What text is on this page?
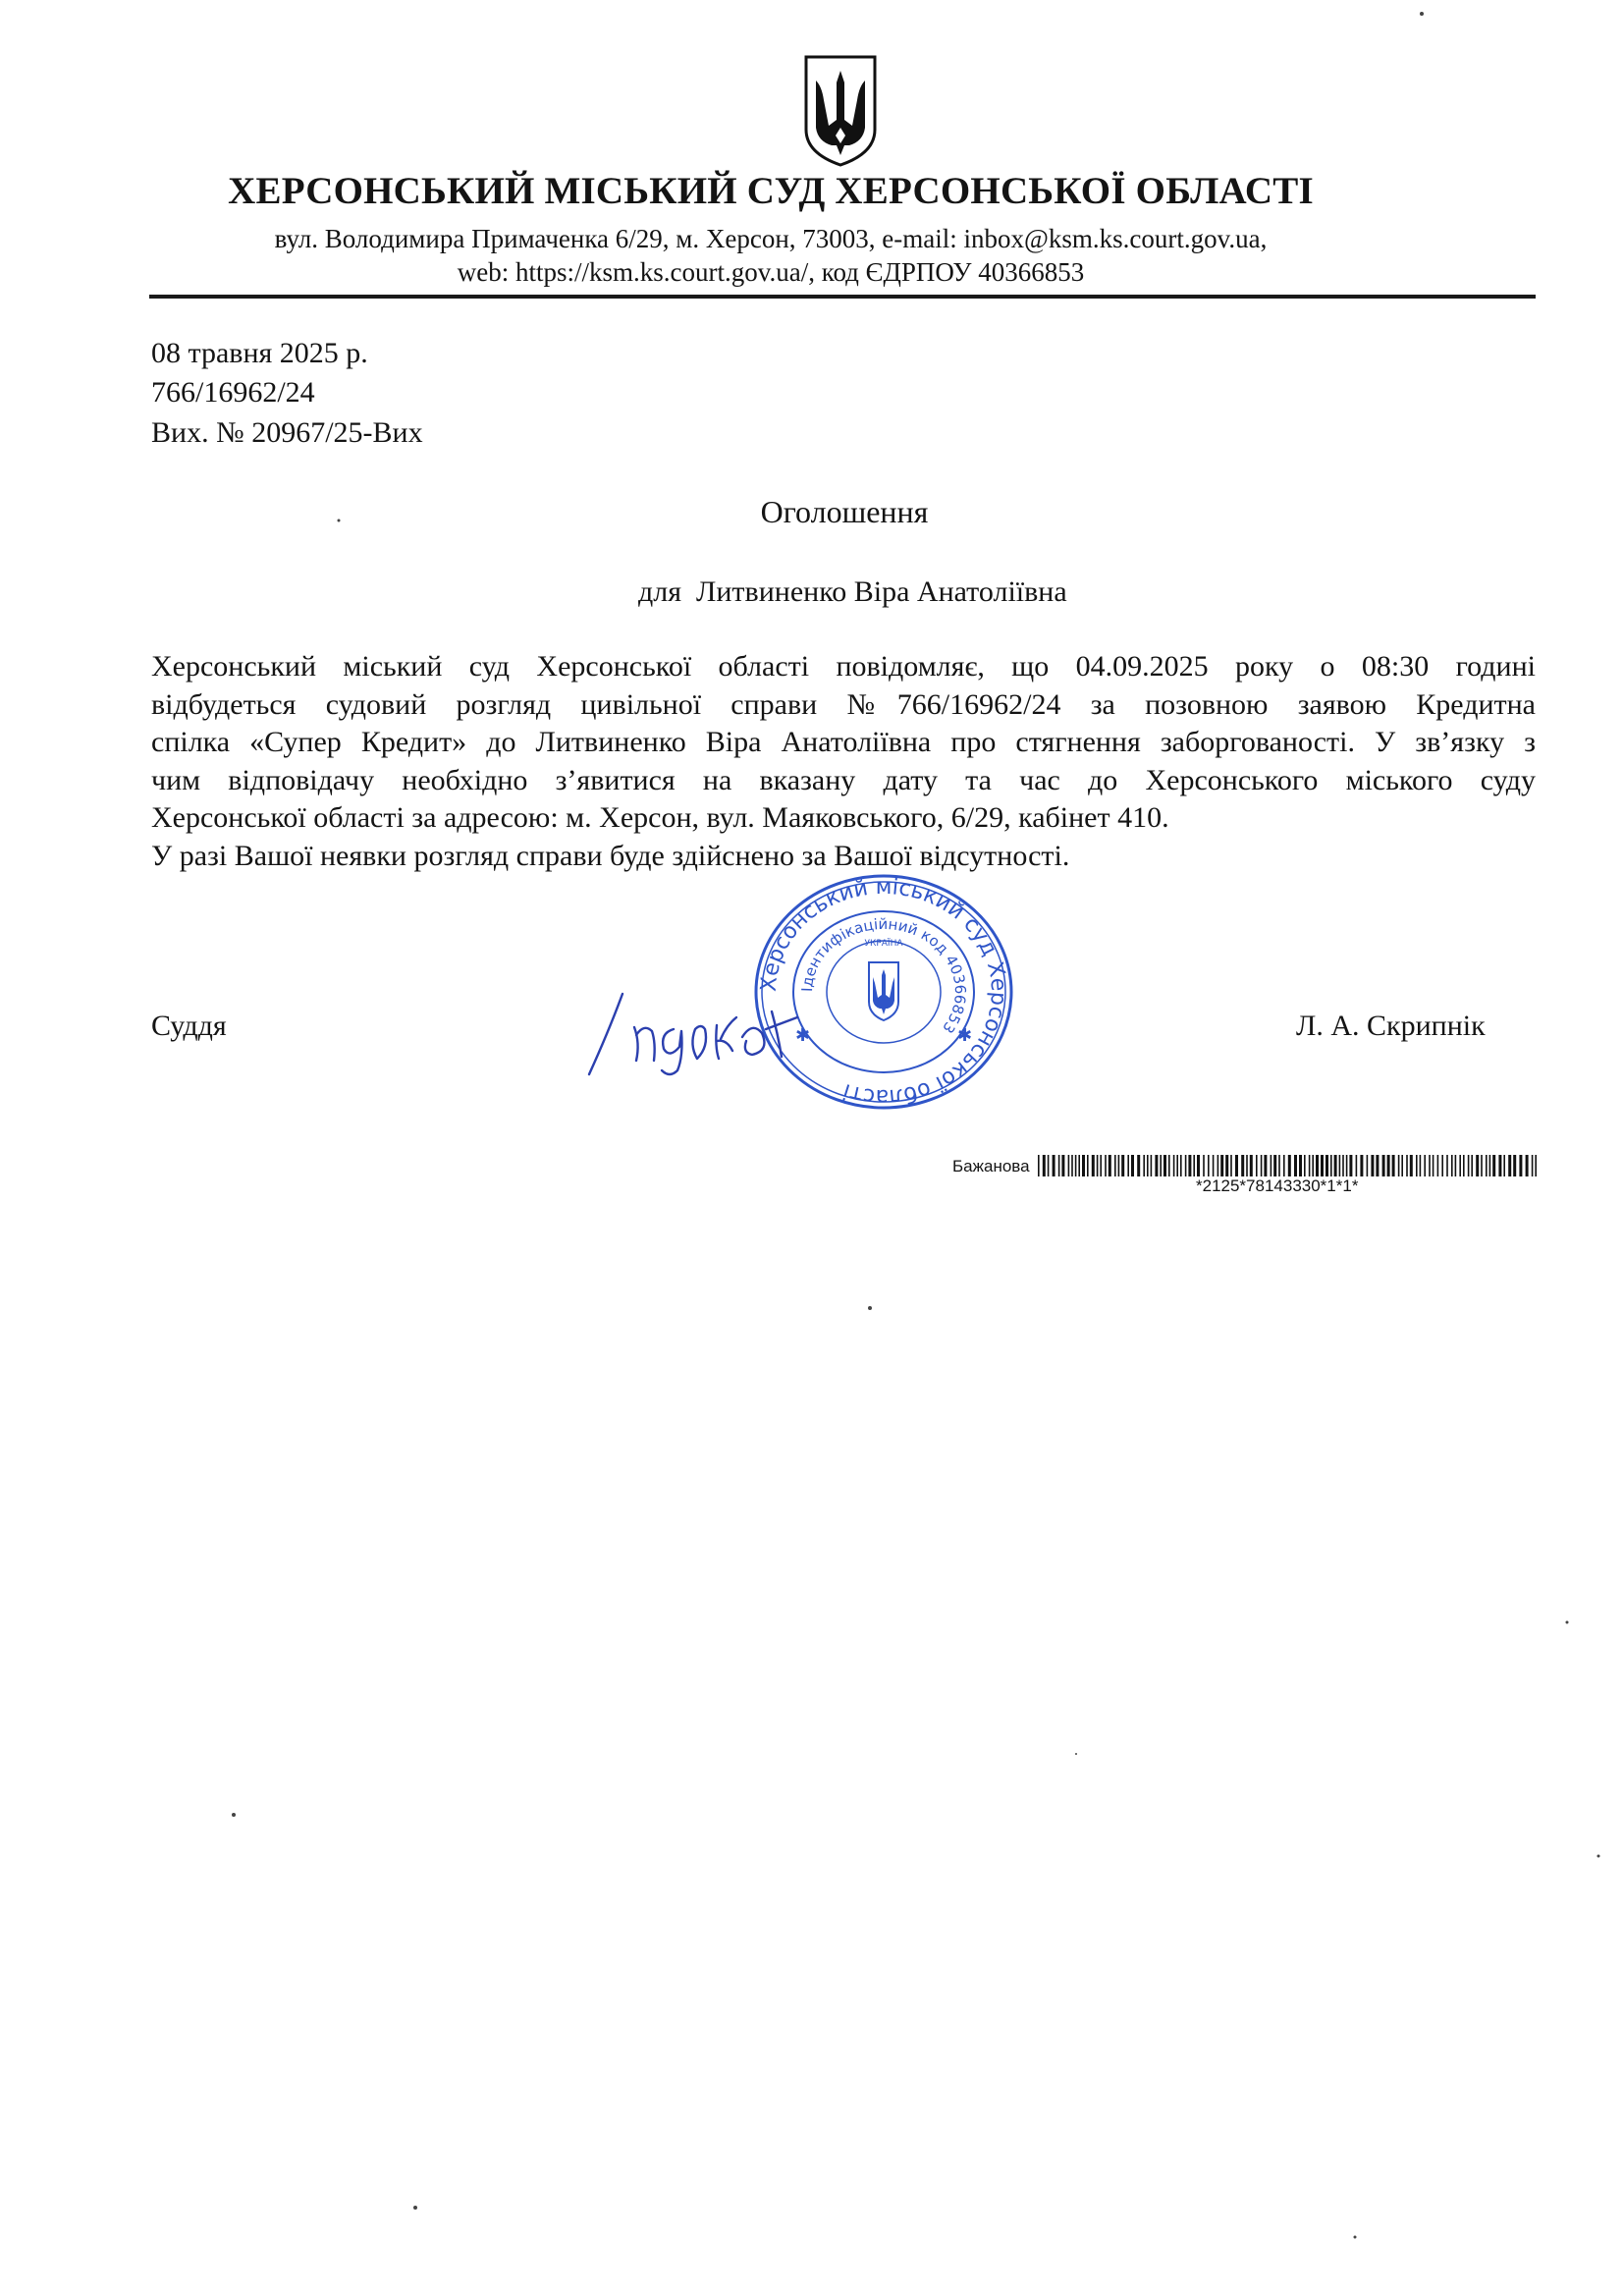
ХЕРСОНСЬКИЙ МІСЬКИЙ СУД ХЕРСОНСЬКОЇ ОБЛАСТІ
вул. Володимира Примаченка 6/29, м. Херсон, 73003, e-mail: inbox@ksm.ks.court.gov.ua,
web: https://ksm.ks.court.gov.ua/, код ЄДРПОУ 40366853
08 травня 2025 р.
766/16962/24
Вих. № 20967/25-Вих
Оголошення
для  Литвиненко Віра Анатоліївна
Херсонський міський суд Херсонської області повідомляє, що 04.09.2025 року о 08:30 годині
відбудеться судовий розгляд цивільної справи №766/16962/24 за позовною заявою Кредитна
спілка «Супер Кредит» до Литвиненко Віра Анатоліївна про стягнення заборгованості. У зв’язку з
чим відповідачу необхідно з’явитися на вказану дату та час до Херсонського міського суду
Херсонської області за адресою: м. Херсон, вул. Маяковського, 6/29, кабінет 410.
У разі Вашої неявки розгляд справи буде здійснено за Вашої відсутності.
Суддя	Л. А. Скрипнік
Херсонський міський суд Херсонської області
Ідентифікаційний код 40366853
УКРАЇНА
✱	✱
Бажанова
*2125*78143330*1*1*
